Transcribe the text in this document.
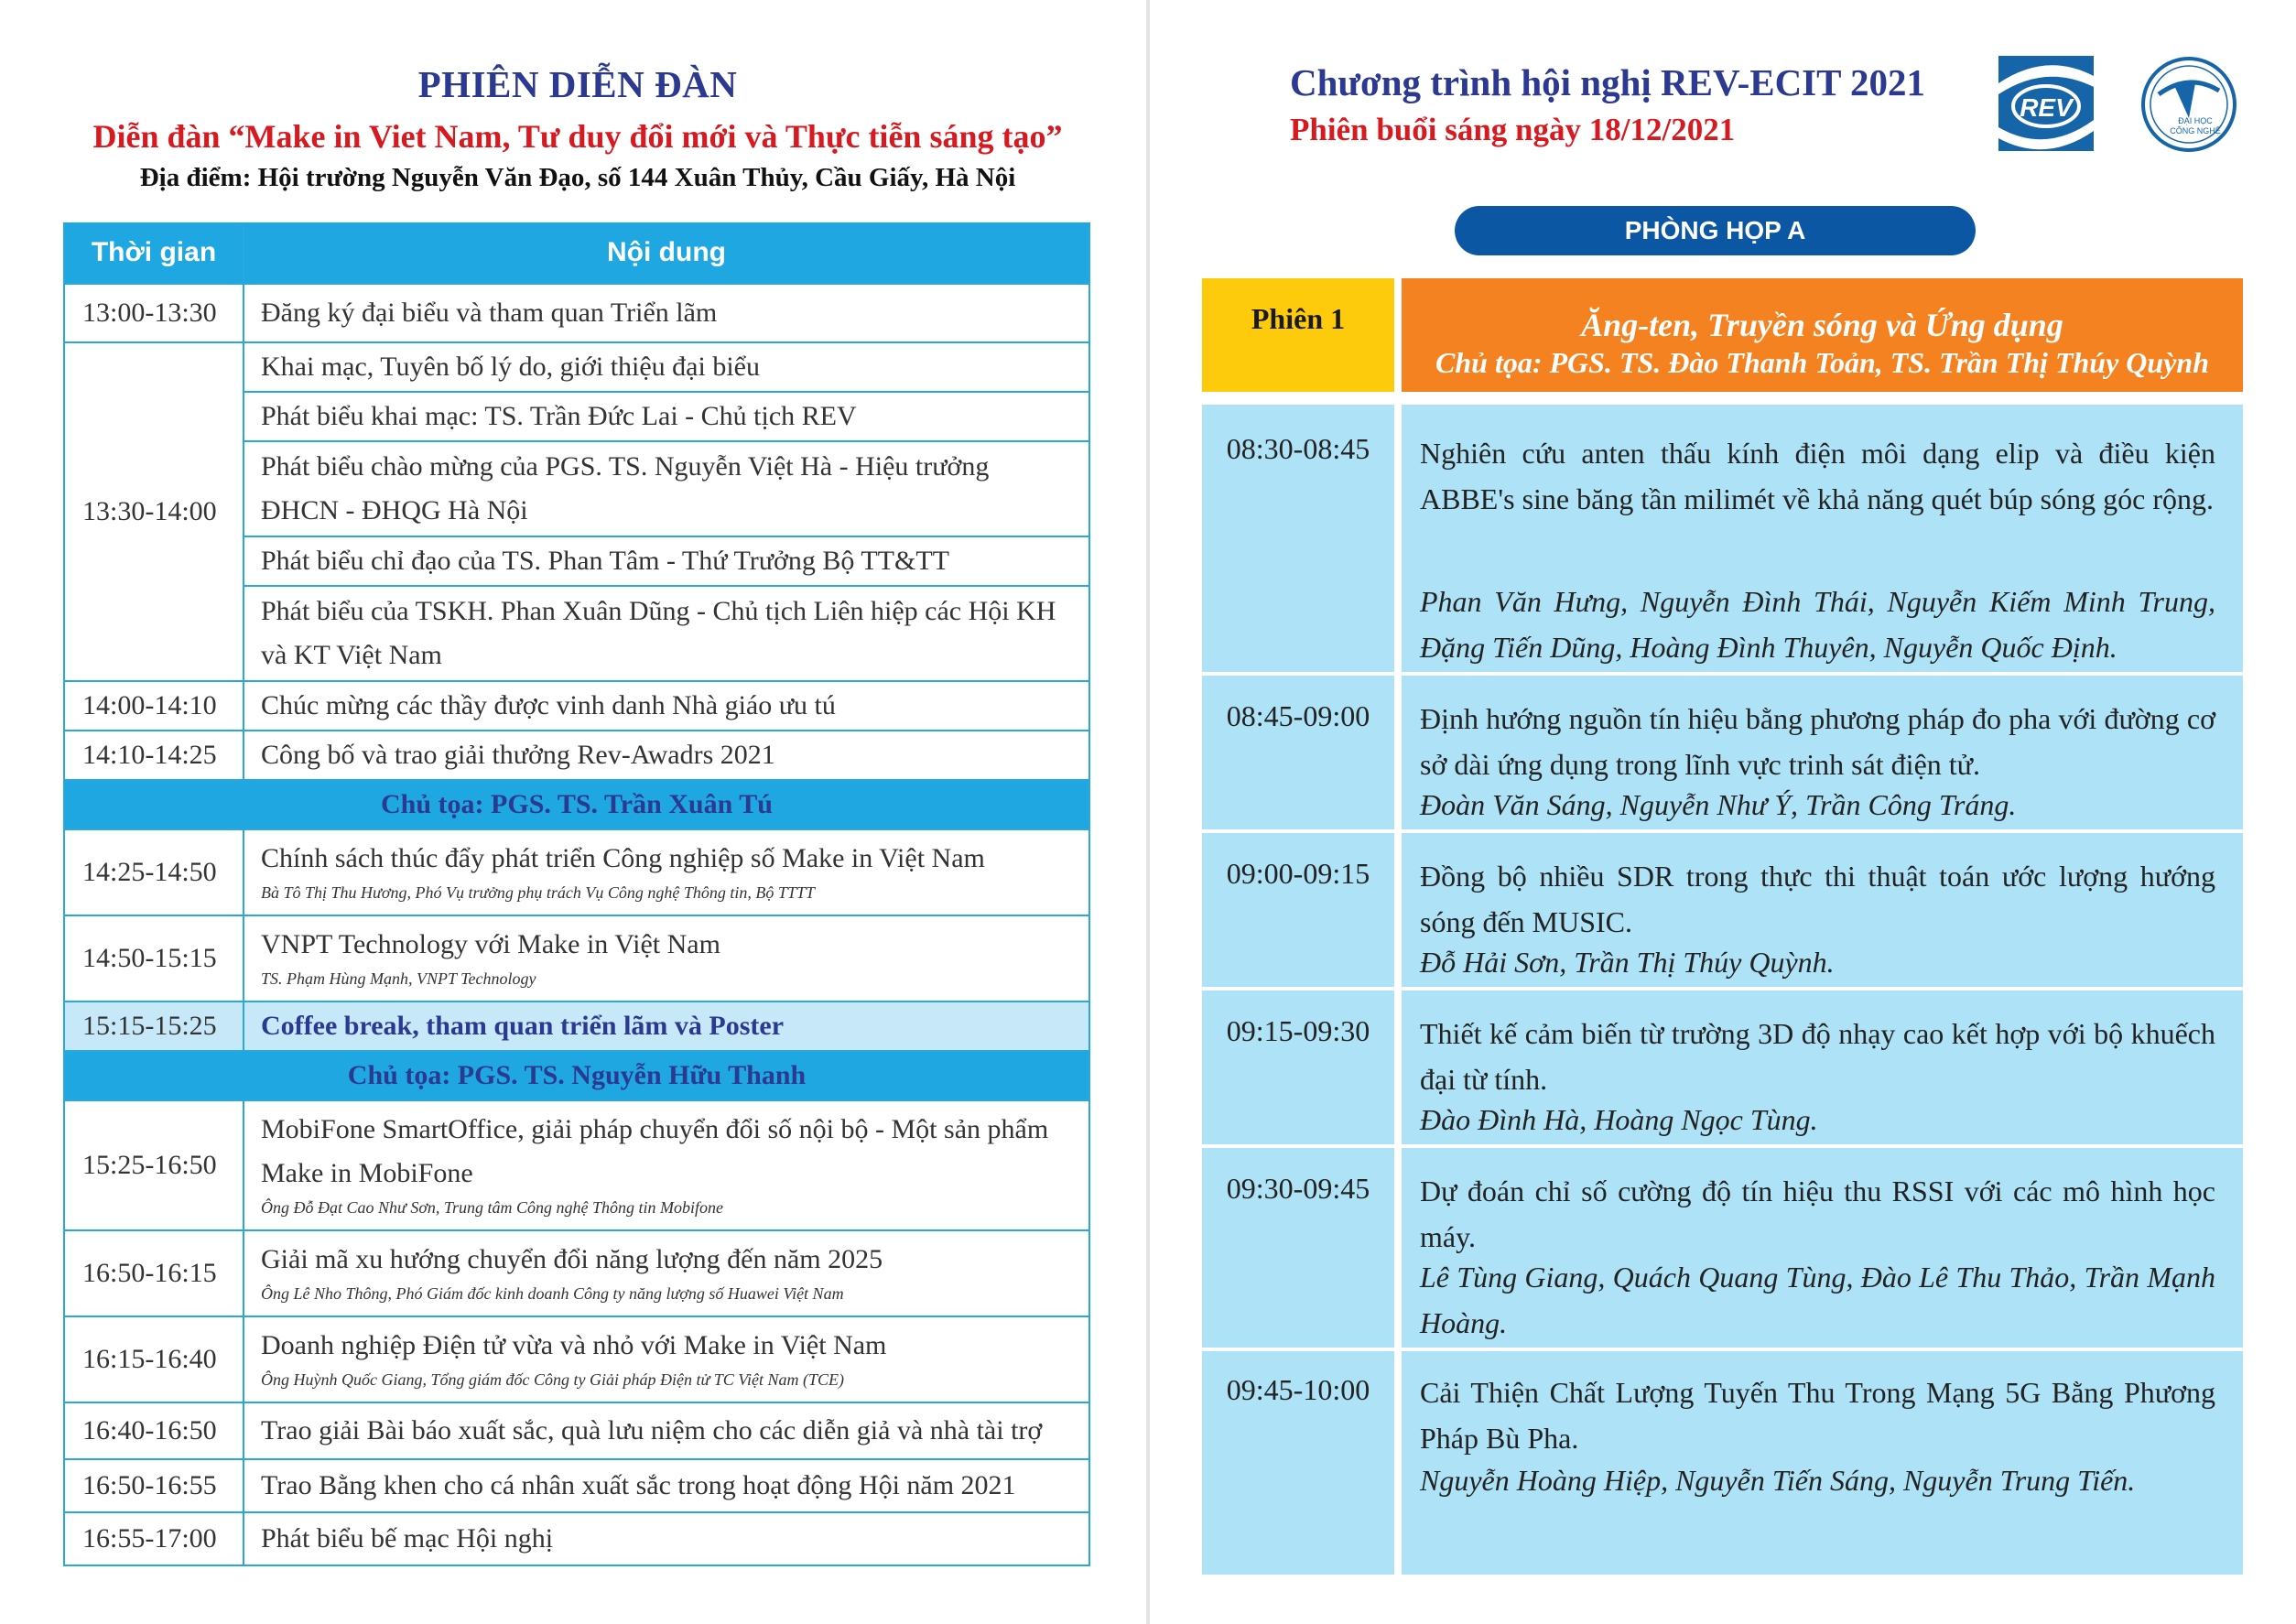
PHIÊN DIỄN ĐÀN
Diễn đàn “Make in Viet Nam, Tư duy đổi mới và Thực tiễn sáng tạo”
Địa điểm: Hội trường Nguyễn Văn Đạo, số 144 Xuân Thủy, Cầu Giấy, Hà Nội
Thời gian	Nội dung
13:00-13:30	Đăng ký đại biểu và tham quan Triển lãm
13:30-14:00	Khai mạc, Tuyên bố lý do, giới thiệu đại biểu
	Phát biểu khai mạc: TS. Trần Đức Lai - Chủ tịch REV
	Phát biểu chào mừng của PGS. TS. Nguyễn Việt Hà - Hiệu trưởng ĐHCN - ĐHQG Hà Nội
	Phát biểu chỉ đạo của TS. Phan Tâm - Thứ Trưởng Bộ TT&TT
	Phát biểu của TSKH. Phan Xuân Dũng - Chủ tịch Liên hiệp các Hội KH và KT Việt Nam
14:00-14:10	Chúc mừng các thầy được vinh danh Nhà giáo ưu tú
14:10-14:25	Công bố và trao giải thưởng Rev-Awadrs 2021
Chủ tọa: PGS. TS. Trần Xuân Tú	
14:25-14:50	Chính sách thúc đẩy phát triển Công nghiệp số Make in Việt Nam
Bà Tô Thị Thu Hương, Phó Vụ trưởng phụ trách Vụ Công nghệ Thông tin, Bộ TTTT

14:50-15:15	VNPT Technology với Make in Việt Nam
TS. Phạm Hùng Mạnh, VNPT Technology

15:15-15:25	Coffee break, tham quan triển lãm và Poster
Chủ tọa: PGS. TS. Nguyễn Hữu Thanh	
15:25-16:50	MobiFone SmartOffice, giải pháp chuyển đổi số nội bộ - Một sản phẩm Make in MobiFone
Ông Đỗ Đạt Cao Như Sơn, Trung tâm Công nghệ Thông tin Mobifone

16:50-16:15	Giải mã xu hướng chuyển đổi năng lượng đến năm 2025
Ông Lê Nho Thông, Phó Giám đốc kinh doanh Công ty năng lượng số Huawei Việt Nam

16:15-16:40	Doanh nghiệp Điện tử vừa và nhỏ với Make in Việt Nam
Ông Huỳnh Quốc Giang, Tổng giám đốc Công ty Giải pháp Điện tử TC Việt Nam (TCE)

16:40-16:50	Trao giải Bài báo xuất sắc, quà lưu niệm cho các diễn giả và nhà tài trợ
16:50-16:55	Trao Bằng khen cho cá nhân xuất sắc trong hoạt động Hội năm 2021
16:55-17:00	Phát biểu bế mạc Hội nghị
Chương trình hội nghị REV-ECIT 2021
Phiên buổi sáng ngày 18/12/2021
REV	ĐẠI HỌC
CÔNG NGHỆ
PHÒNG HỌP A
Phiên 1	Ăng-ten, Truyền sóng và Ứng dụng
Chủ tọa: PGS. TS. Đào Thanh Toản, TS. Trần Thị Thúy Quỳnh
08:30-08:45	Nghiên cứu anten thấu kính điện môi dạng elip và điều kiện ABBE's sine băng tần milimét về khả năng quét búp sóng góc rộng.
Phan Văn Hưng, Nguyễn Đình Thái, Nguyễn Kiếm Minh Trung, Đặng Tiến Dũng, Hoàng Đình Thuyên, Nguyễn Quốc Định.
08:45-09:00	Định hướng nguồn tín hiệu bằng phương pháp đo pha với đường cơ sở dài ứng dụng trong lĩnh vực trinh sát điện tử.
Đoàn Văn Sáng, Nguyễn Như Ý, Trần Công Tráng.
09:00-09:15	Đồng bộ nhiều SDR trong thực thi thuật toán ước lượng hướng sóng đến MUSIC.
Đỗ Hải Sơn, Trần Thị Thúy Quỳnh.
09:15-09:30	Thiết kế cảm biến từ trường 3D độ nhạy cao kết hợp với bộ khuếch đại từ tính.
Đào Đình Hà, Hoàng Ngọc Tùng.
09:30-09:45	Dự đoán chỉ số cường độ tín hiệu thu RSSI với các mô hình học máy.
Lê Tùng Giang, Quách Quang Tùng, Đào Lê Thu Thảo, Trần Mạnh Hoàng.
09:45-10:00	Cải Thiện Chất Lượng Tuyến Thu Trong Mạng 5G Bằng Phương Pháp Bù Pha.
Nguyễn Hoàng Hiệp, Nguyễn Tiến Sáng, Nguyễn Trung Tiến.
